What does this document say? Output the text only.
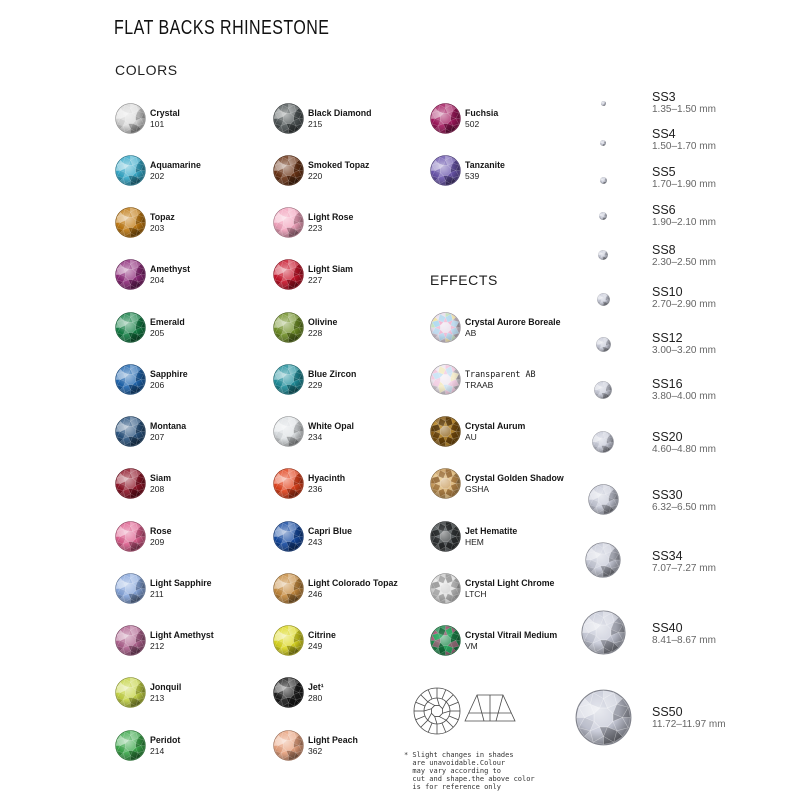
FLAT BACKS RHINESTONE
COLORS
EFFECTS
* Slight changes in shades
are unavoidable.Colour
may vary according to
cut and shape.the above color
is for reference only
Crystal
101
Aquamarine
202
Topaz
203
Amethyst
204
Emerald
205
Sapphire
206
Montana
207
Siam
208
Rose
209
Light Sapphire
211
Light Amethyst
212
Jonquil
213
Peridot
214
Black Diamond
215
Smoked Topaz
220
Light Rose
223
Light Siam
227
Olivine
228
Blue Zircon
229
White Opal
234
Hyacinth
236
Capri Blue
243
Light Colorado Topaz
246
Citrine
249
Jet¹
280
Light Peach
362
Fuchsia
502
Tanzanite
539
Crystal Aurore Boreale
AB
Transparent AB
TRAAB
Crystal Aurum
AU
Crystal Golden Shadow
GSHA
Jet Hematite
HEM
Crystal Light Chrome
LTCH
Crystal Vitrail Medium
VM
SS3
1.35–1.50 mm
SS4
1.50–1.70 mm
SS5
1.70–1.90 mm
SS6
1.90–2.10 mm
SS8
2.30–2.50 mm
SS10
2.70–2.90 mm
SS12
3.00–3.20 mm
SS16
3.80–4.00 mm
SS20
4.60–4.80 mm
SS30
6.32–6.50 mm
SS34
7.07–7.27 mm
SS40
8.41–8.67 mm
SS50
11.72–11.97 mm
